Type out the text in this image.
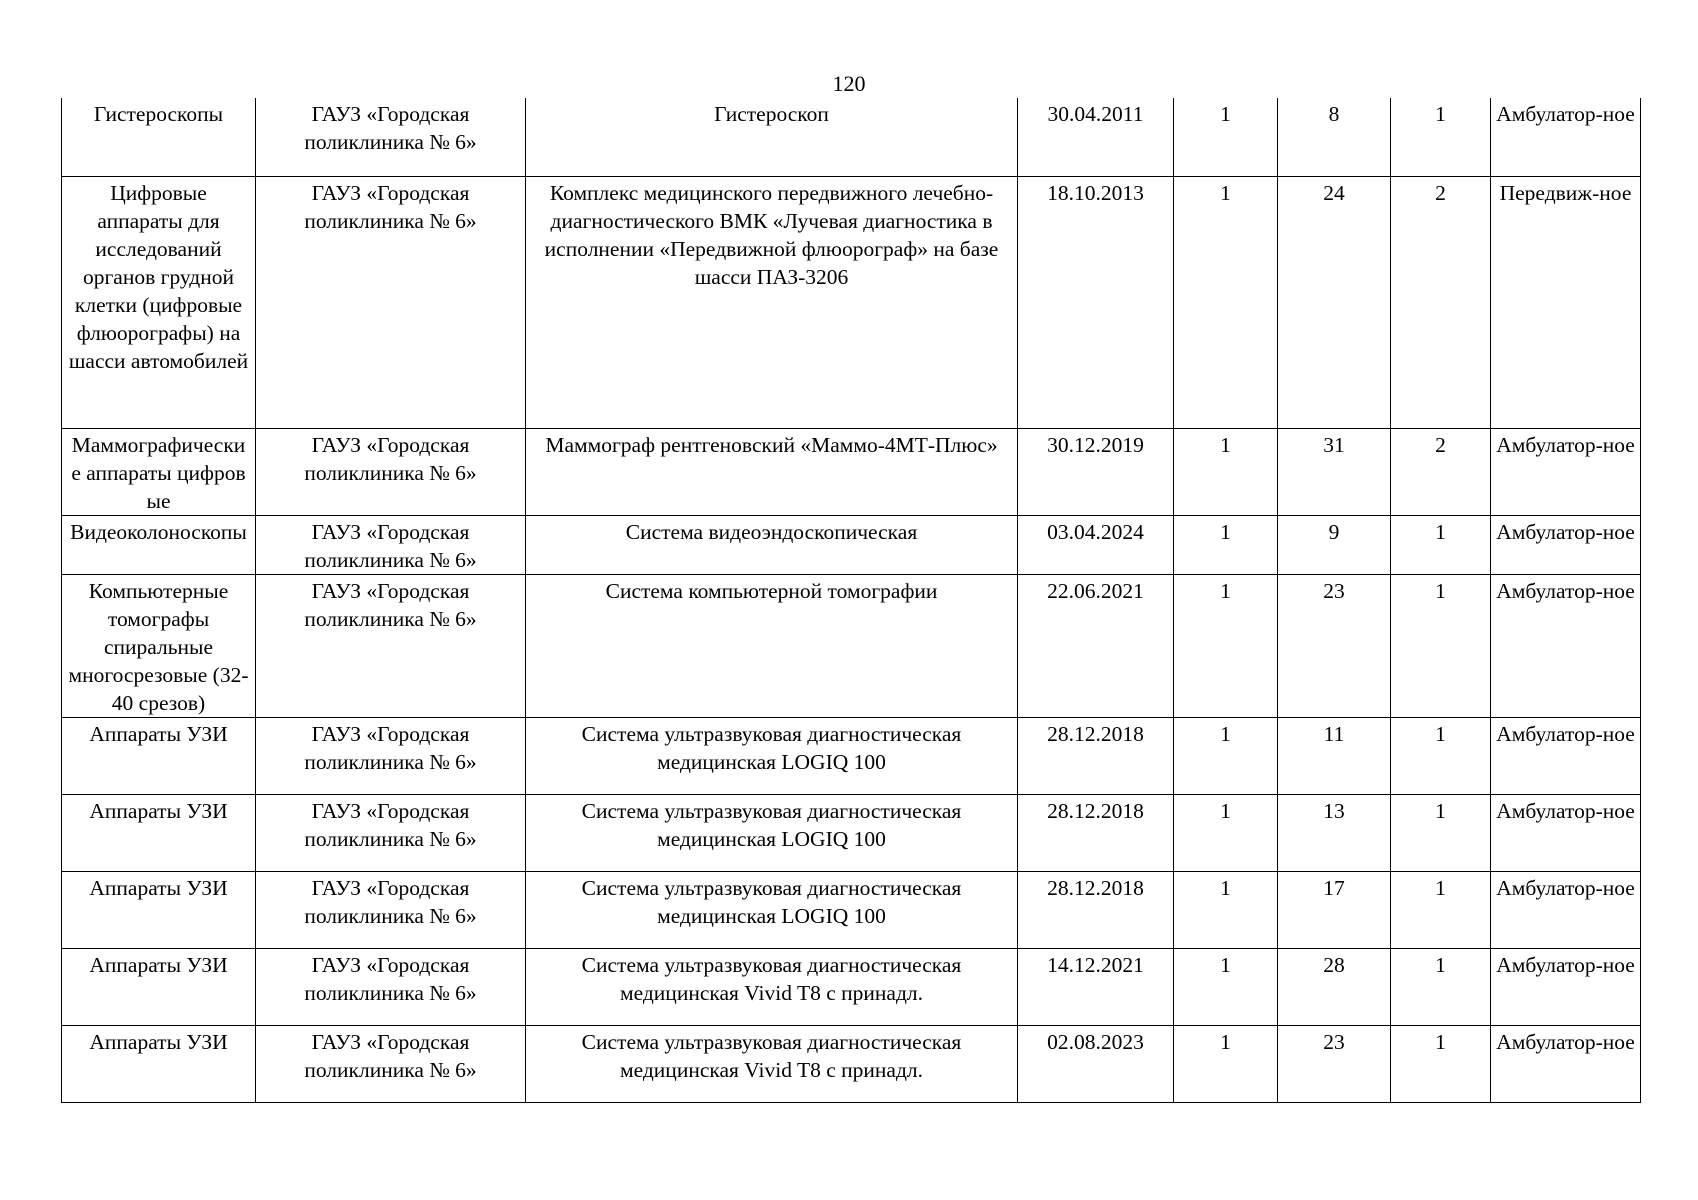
120
Гистероскопы	ГАУЗ «Городская поликлиника № 6»	Гистероскоп	30.04.2011	1	8	1	Амбулатор-ное
Цифровые аппараты для исследований органов грудной клетки (цифровые флюорографы) на шасси автомобилей	ГАУЗ «Городская поликлиника № 6»	Комплекс медицинского передвижного лечебно-диагностического ВМК «Лучевая диагностика в исполнении «Передвижной флюорограф» на базе шасси ПАЗ-3206	18.10.2013	1	24	2	Передвиж-ное
Маммографические аппараты цифровые	ГАУЗ «Городская поликлиника № 6»	Маммограф рентгеновский «Маммо-4МТ-Плюс»	30.12.2019	1	31	2	Амбулатор-ное
Видеоколоноскопы	ГАУЗ «Городская поликлиника № 6»	Система видеоэндоскопическая	03.04.2024	1	9	1	Амбулатор-ное
Компьютерные томографы спиральные многосрезовые (32-40 срезов)	ГАУЗ «Городская поликлиника № 6»	Система компьютерной томографии	22.06.2021	1	23	1	Амбулатор-ное
Аппараты УЗИ	ГАУЗ «Городская поликлиника № 6»	Система ультразвуковая диагностическая медицинская LOGIQ 100	28.12.2018	1	11	1	Амбулатор-ное
Аппараты УЗИ	ГАУЗ «Городская поликлиника № 6»	Система ультразвуковая диагностическая медицинская LOGIQ 100	28.12.2018	1	13	1	Амбулатор-ное
Аппараты УЗИ	ГАУЗ «Городская поликлиника № 6»	Система ультразвуковая диагностическая медицинская LOGIQ 100	28.12.2018	1	17	1	Амбулатор-ное
Аппараты УЗИ	ГАУЗ «Городская поликлиника № 6»	Система ультразвуковая диагностическая медицинская Vivid T8 с принадл.	14.12.2021	1	28	1	Амбулатор-ное
Аппараты УЗИ	ГАУЗ «Городская поликлиника № 6»	Система ультразвуковая диагностическая медицинская Vivid T8 с принадл.	02.08.2023	1	23	1	Амбулатор-ное
